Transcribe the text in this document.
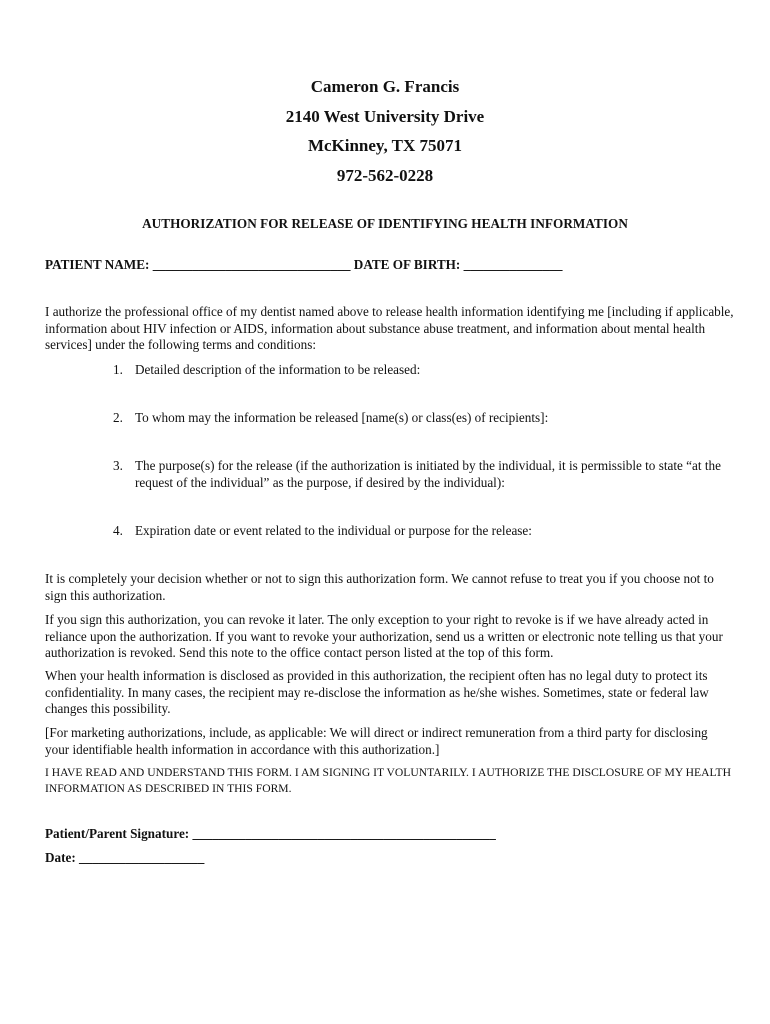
Cameron G. Francis
2140 West University Drive
McKinney, TX 75071
972-562-0228
AUTHORIZATION FOR RELEASE OF IDENTIFYING HEALTH INFORMATION
PATIENT NAME: ______________________________ DATE OF BIRTH: _______________
I authorize the professional office of my dentist named above to release health information identifying me [including if applicable, information about HIV infection or AIDS, information about substance abuse treatment, and information about mental health services] under the following terms and conditions:
1. Detailed description of the information to be released:
2. To whom may the information be released [name(s) or class(es) of recipients]:
3. The purpose(s) for the release (if the authorization is initiated by the individual, it is permissible to state “at the request of the individual” as the purpose, if desired by the individual):
4. Expiration date or event related to the individual or purpose for the release:
It is completely your decision whether or not to sign this authorization form. We cannot refuse to treat you if you choose not to sign this authorization.
If you sign this authorization, you can revoke it later. The only exception to your right to revoke is if we have already acted in reliance upon the authorization. If you want to revoke your authorization, send us a written or electronic note telling us that your authorization is revoked. Send this note to the office contact person listed at the top of this form.
When your health information is disclosed as provided in this authorization, the recipient often has no legal duty to protect its confidentiality. In many cases, the recipient may re-disclose the information as he/she wishes. Sometimes, state or federal law changes this possibility.
[For marketing authorizations, include, as applicable: We will direct or indirect remuneration from a third party for disclosing your identifiable health information in accordance with this authorization.]
I HAVE READ AND UNDERSTAND THIS FORM. I AM SIGNING IT VOLUNTARILY. I AUTHORIZE THE DISCLOSURE OF MY HEALTH INFORMATION AS DESCRIBED IN THIS FORM.
Patient/Parent Signature: ______________________________________________
Date: ___________________
